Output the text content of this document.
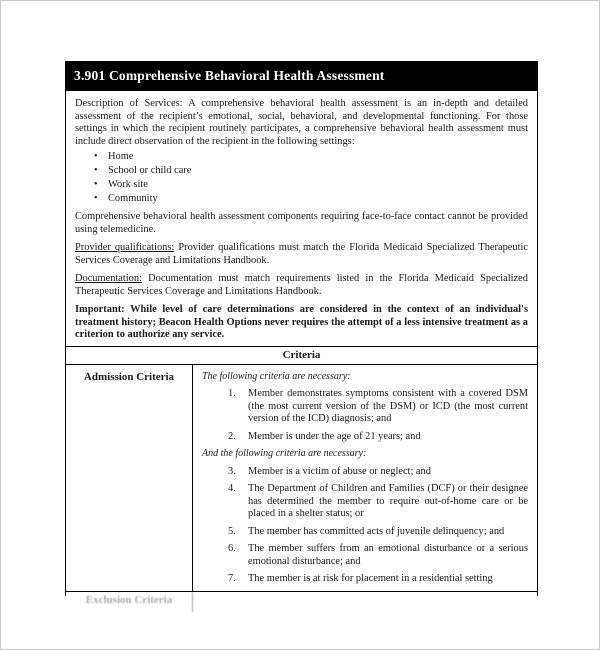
3.901 Comprehensive Behavioral Health Assessment

Description of Services: A comprehensive behavioral health assessment is an in-depth and detailed assessment of the recipient’s emotional, social, behavioral, and developmental functioning. For those settings in which the recipient routinely participates, a comprehensive behavioral health assessment must include direct observation of the recipient in the following settings:

•	Home
•	School or child care
•	Work site
•	Community

Comprehensive behavioral health assessment components requiring face-to-face contact cannot be provided using telemedicine.

Provider qualifications: Provider qualifications must match the Florida Medicaid Specialized Therapeutic Services Coverage and Limitations Handbook.

Documentation: Documentation must match requirements listed in the Florida Medicaid Specialized Therapeutic Services Coverage and Limitations Handbook.

Important: While level of care determinations are considered in the context of an individual's treatment history; Beacon Health Options never requires the attempt of a less intensive treatment as a criterion to authorize any service.

Criteria
Admission Criteria	The following criteria are necessary:

1.	Member demonstrates symptoms consistent with a covered DSM (the most current version of the DSM) or ICD (the most current version of the ICD) diagnosis; and
2.	Member is under the age of 21 years; and

And the following criteria are necessary:

3.	Member is a victim of abuse or neglect; and
4.	The Department of Children and Families (DCF) or their designee has determined the member to require out-of-home care or be placed in a shelter status; or
5.	The member has committed acts of juvenile delinquency; and
6.	The member suffers from an emotional disturbance or a serious emotional disturbance; and
7.	The member is at risk for placement in a residential setting
Exclusion Criteria
